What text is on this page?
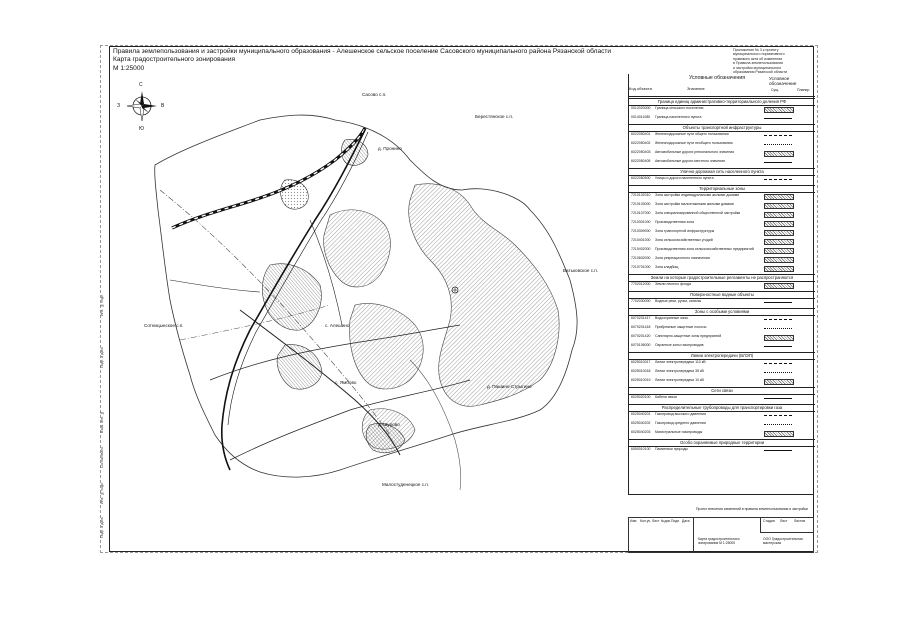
Правила землепользования и застройки муниципального образования - Алешенское сельское поселение Сасовского муниципального района Рязанской области
Карта градостроительного зонирования
М 1:25000
Приложение № 3 к проекту
муниципального нормативного
правового акта об изменении
в Правила землепользования
и застройки муниципального
образования Рязанской области
Инв. № подл.
Подп. и дата
Взам. инв. №
Согласовано
Инв. № подл.
Подп. и дата
С
Ю
З	В
Сасово с.п.
Берестянское с.п.
д. Пронино
Батьковское с.п.
Сотницынское с.п.	с. Алешино
с. Ямбово
д. Пашино-Стрыгино
д. Шурово
Малостуденецкое с.п.
Условные обозначения
Код объекта	Значение
Условное обозначение
Сущ.	Планир.
Граница единиц административно-территориального деления РФ
0012020000 Граница сельского поселения
0014011080 Граница населенного пункта
Объекты транспортной инфраструктуры
6022050401 Железнодорожные пути общего пользования
6022050402 Железнодорожные пути необщего пользования
6022050403 Автомобильные дороги регионального значения
6022050405 Автомобильные дороги местного значения
Улично-дорожная сеть населенного пункта
6022050500 Улицы и дороги населенного пункта
Территориальные зоны
7210102010 Зона застройки индивидуальными жилыми домами
7210103000 Зона застройки малоэтажными жилыми домами
7210107000 Зона специализированной общественной застройки
7210301000 Производственная зона
7210309000 Зона транспортной инфраструктуры
7210401000 Зона сельскохозяйственных угодий
7210402000 Производственная зона сельскохозяйственных предприятий
7210602000 Зона рекреационного назначения
7210701000 Зона кладбищ
Земли на которые градостроительные регламенты не распространяются
7702012000 Земли лесного фонда
Поверхностные водные объекты
7702030000 Водные реки, ручьи, каналы
Зоны с особыми условиями
6070201417 Водоохранные зоны
6070201418 Прибрежные защитные полосы
6070201420 Санитарно-защитные зоны предприятий
6070106000 Охранные зоны газопроводов
Линии электропередачи (ВЛЭП)
6025010017 Линии электропередачи 110 кВ
6025010018 Линии электропередачи 35 кВ
6025010019 Линии электропередачи 10 кВ
Сети связи
6025020100 Кабели связи
Распределительные трубопроводы для транспортировки газа
6025040201 Газопровод высокого давления
6025040202 Газопровод среднего давления
6025040203 Магистральные газопроводы
Особо охраняемые природные территории
6050010100 Памятники природы
Проект внесения изменений в правила землепользования и застройки
Изм. Кол.уч. Лист №док. Подп. Дата	Стадия Лист Листов
Карта градостроительного зонирования М 1:25000
ООО Градостроительная мастерская
